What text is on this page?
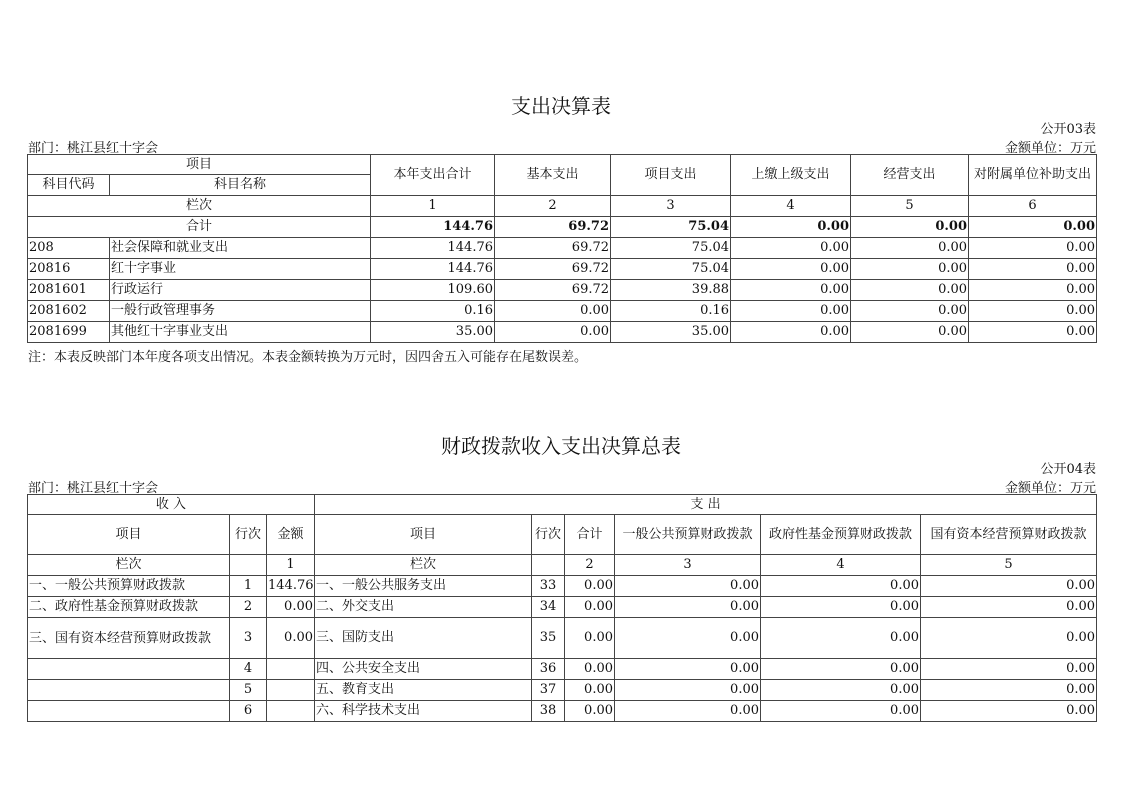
支出决算表
公开03表
部门：桃江县红十字会	金额单位：万元
项目		本年支出合计	基本支出	项目支出	上缴上级支出	经营支出	对附属单位补助支出
科目代码	科目名称						
栏次		1	2	3	4	5	6
合计		144.76	69.72	75.04	0.00	0.00	0.00
208	社会保障和就业支出	144.76	69.72	75.04	0.00	0.00	0.00
20816	红十字事业	144.76	69.72	75.04	0.00	0.00	0.00
2081601	行政运行	109.60	69.72	39.88	0.00	0.00	0.00
2081602	一般行政管理事务	0.16	0.00	0.16	0.00	0.00	0.00
2081699	其他红十字事业支出	35.00	0.00	35.00	0.00	0.00	0.00
注：本表反映部门本年度各项支出情况。本表金额转换为万元时，因四舍五入可能存在尾数误差。
财政拨款收入支出决算总表
公开04表
部门：桃江县红十字会	金额单位：万元
收 入			支 出					
项目	行次	金额	项目	行次	合计	一般公共预算财政拨款	政府性基金预算财政拨款	国有资本经营预算财政拨款
栏次		1	栏次		2	3	4	5
一、一般公共预算财政拨款	1	144.76	一、一般公共服务支出	33	0.00	0.00	0.00	0.00
二、政府性基金预算财政拨款	2	0.00	二、外交支出	34	0.00	0.00	0.00	0.00
三、国有资本经营预算财政拨款	3	0.00	三、国防支出	35	0.00	0.00	0.00	0.00
	4		四、公共安全支出	36	0.00	0.00	0.00	0.00
	5		五、教育支出	37	0.00	0.00	0.00	0.00
	6		六、科学技术支出	38	0.00	0.00	0.00	0.00
